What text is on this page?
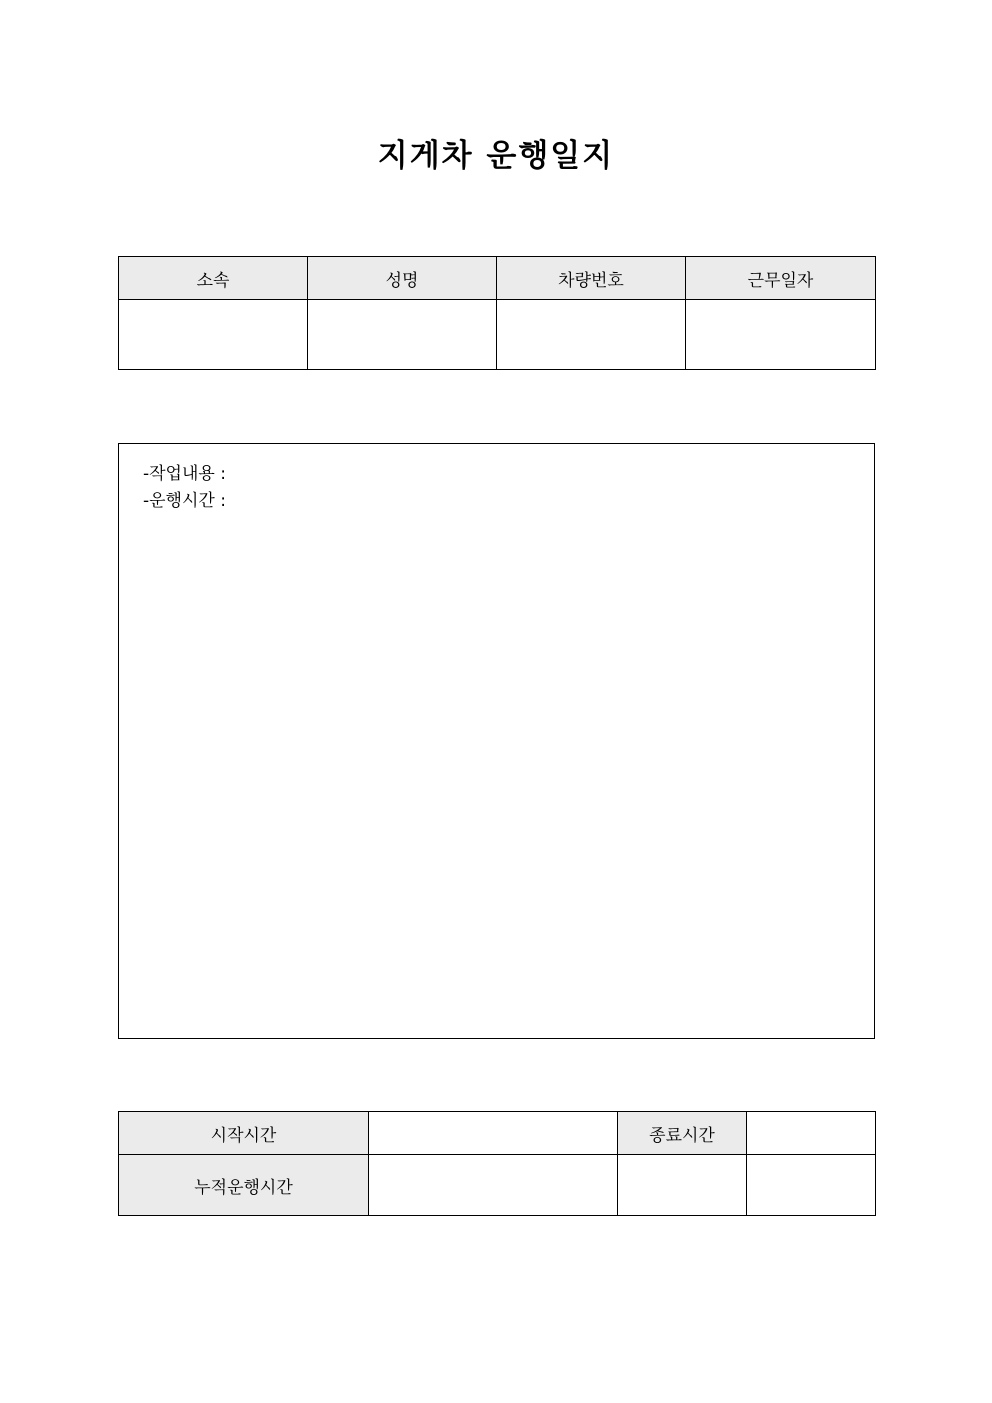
지게차 운행일지
소속	성명	차량번호	근무일자

-작업내용 :
-운행시간 :
시작시간		종료시간	
누적운행시간			
